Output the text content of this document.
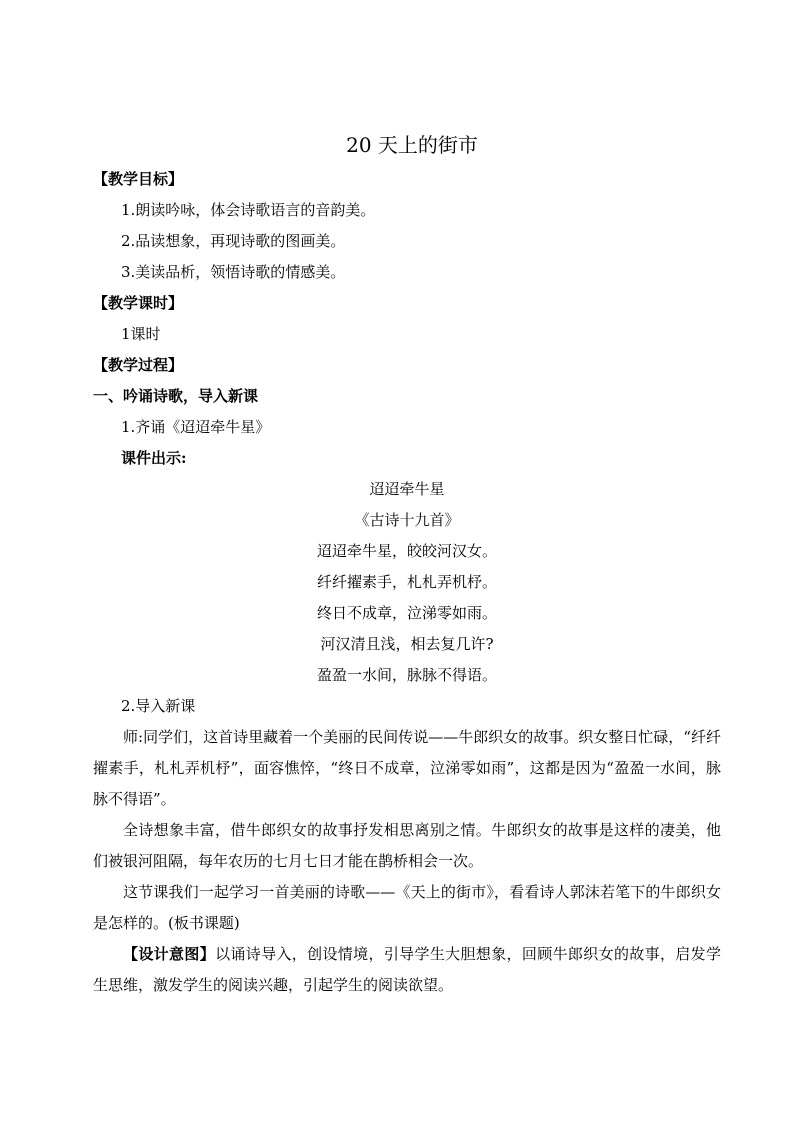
20 天上的街市

【教学目标】

1.朗读吟咏，体会诗歌语言的音韵美。

2.品读想象，再现诗歌的图画美。

3.美读品析，领悟诗歌的情感美。

【教学课时】

1课时

【教学过程】

一、吟诵诗歌，导入新课

1.齐诵《迢迢牵牛星》

课件出示:

迢迢牵牛星

《古诗十九首》

迢迢牵牛星，皎皎河汉女。

纤纤擢素手，札札弄机杼。

终日不成章，泣涕零如雨。

河汉清且浅，相去复几许?

盈盈一水间，脉脉不得语。

2.导入新课

师:同学们，这首诗里藏着一个美丽的民间传说——牛郎织女的故事。织女整日忙碌，“纤纤擢素手，札札弄机杼”，面容憔悴，“终日不成章，泣涕零如雨”，这都是因为“盈盈一水间，脉脉不得语”。

全诗想象丰富，借牛郎织女的故事抒发相思离别之情。牛郎织女的故事是这样的凄美，他们被银河阻隔，每年农历的七月七日才能在鹊桥相会一次。

这节课我们一起学习一首美丽的诗歌——《天上的街市》，看看诗人郭沫若笔下的牛郎织女是怎样的。(板书课题)

【设计意图】以诵诗导入，创设情境，引导学生大胆想象，回顾牛郎织女的故事，启发学生思维，激发学生的阅读兴趣，引起学生的阅读欲望。
